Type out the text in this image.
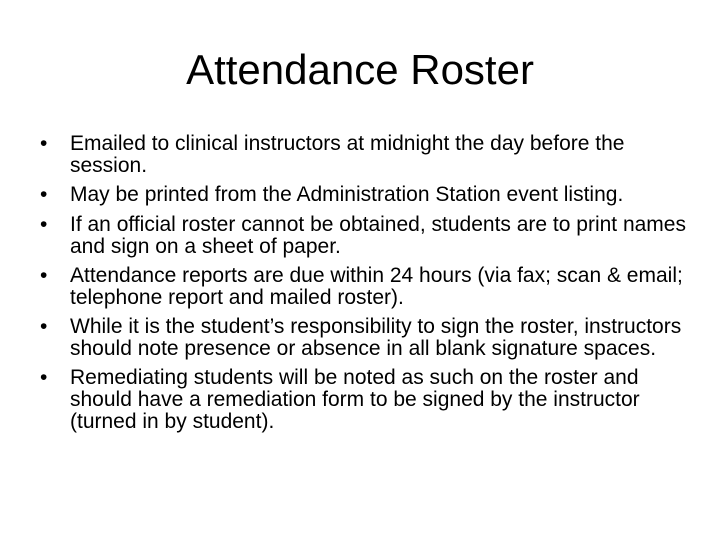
Attendance Roster
• Emailed to clinical instructors at midnight the day before the session.
• May be printed from the Administration Station event listing.
• If an official roster cannot be obtained, students are to print names and sign on a sheet of paper.
• Attendance reports are due within 24 hours (via fax; scan & email; telephone report and mailed roster).
• While it is the student’s responsibility to sign the roster, instructors should note presence or absence in all blank signature spaces.
• Remediating students will be noted as such on the roster and should have a remediation form to be signed by the instructor (turned in by student).
